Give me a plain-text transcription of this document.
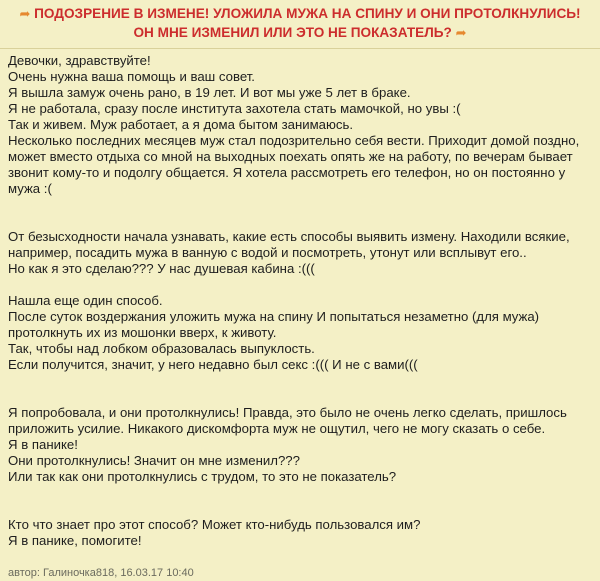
➦ ПОДОЗРЕНИЕ В ИЗМЕНЕ! УЛОЖИЛА МУЖА НА СПИНУ И ОНИ ПРОТОЛКНУЛИСЬ! ОН МНЕ ИЗМЕНИЛ ИЛИ ЭТО НЕ ПОКАЗАТЕЛЬ? ➦

Девочки, здравствуйте!

Очень нужна ваша помощь и ваш совет.

Я вышла замуж очень рано, в 19 лет. И вот мы уже 5 лет в браке.

Я не работала, сразу после института захотела стать мамочкой, но увы :(

Так и живем. Муж работает, а я дома бытом занимаюсь.

Несколько последних месяцев муж стал подозрительно себя вести. Приходит домой поздно, может вместо отдыха со мной на выходных поехать опять же на работу, по вечерам бывает звонит кому-то и подолгу общается. Я хотела рассмотреть его телефон, но он постоянно у мужа :(

От безысходности начала узнавать, какие есть способы выявить измену. Находили всякие, например, посадить мужа в ванную с водой и посмотреть, утонут или всплывут его..

Но как я это сделаю??? У нас душевая кабина :(((

Нашла еще один способ.

После суток воздержания уложить мужа на спину И попытаться незаметно (для мужа) протолкнуть их из мошонки вверх, к животу.

Так, чтобы над лобком образовалась выпуклость.

Если получится, значит, у него недавно был секс :((( И не с вами(((

Я попробовала, и они протолкнулись! Правда, это было не очень легко сделать, пришлось приложить усилие. Никакого дискомфорта муж не ощутил, чего не могу сказать о себе.

Я в панике!

Они протолкнулись! Значит он мне изменил???

Или так как они протолкнулись с трудом, то это не показатель?

Кто что знает про этот способ? Может кто-нибудь пользовался им?

Я в панике, помогите!

автор: Галиночка818, 16.03.17 10:40
